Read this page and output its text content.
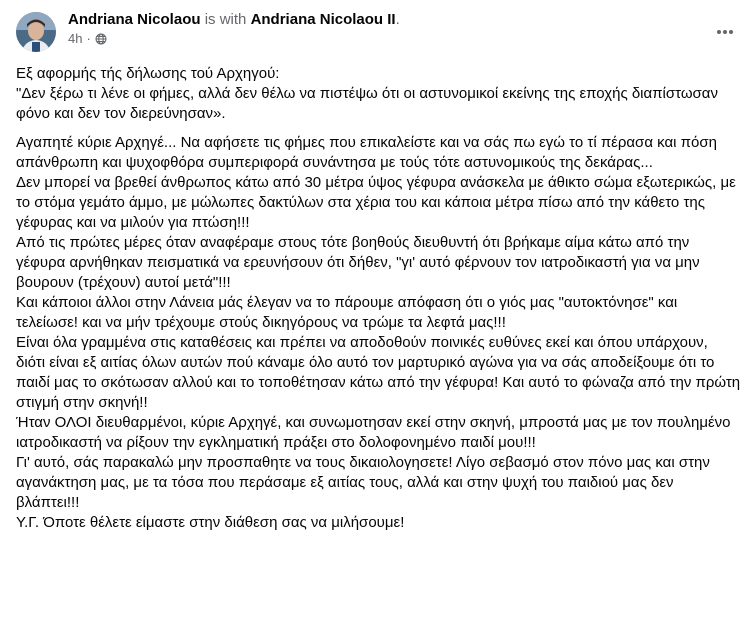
Andriana Nicolaou is with Andriana Nicolaou II.
4h ·

Εξ αφορμής τής δήλωσης τού Αρχηγού:
"Δεν ξέρω τι λένε οι φήμες, αλλά δεν θέλω να πιστέψω ότι οι αστυνομικοί εκείνης της εποχής διαπίστωσαν φόνο και δεν τον διερεύνησαν».

Αγαπητέ κύριε Αρχηγέ... Να αφήσετε τις φήμες που επικαλείστε και να σάς πω εγώ το τί πέρασα και πόση απάνθρωπη και ψυχοφθόρα συμπεριφορά συνάντησα με τούς τότε αστυνομικούς της δεκάρας...
Δεν μπορεί να βρεθεί άνθρωπος κάτω από 30 μέτρα ύψος γέφυρα ανάσκελα με άθικτο σώμα εξωτερικώς, με το στόμα γεμάτο άμμο, με μώλωπες δακτύλων στα χέρια του και κάποια μέτρα πίσω από την κάθετο της γέφυρας και να μιλούν για πτώση!!!
Από τις πρώτες μέρες όταν αναφέραμε στους τότε βοηθούς διευθυντή ότι βρήκαμε αίμα κάτω από την γέφυρα αρνήθηκαν πεισματικά να ερευνήσουν ότι δήθεν, "γι' αυτό φέρνουν τον ιατροδικαστή για να μην βουρουν (τρέχουν) αυτοί μετά"!!!
Και κάποιοι άλλοι στην Λάνεια μάς έλεγαν να το πάρουμε απόφαση ότι ο γιός μας "αυτοκτόνησε" και τελείωσε! και να μήν τρέχουμε στούς δικηγόρους να τρώμε τα λεφτά μας!!!
Είναι όλα γραμμένα στις καταθέσεις και πρέπει να αποδοθούν ποινικές ευθύνες εκεί και όπου υπάρχουν, διότι είναι εξ αιτίας όλων αυτών πού κάναμε όλο αυτό τον μαρτυρικό αγώνα για να σάς αποδείξουμε ότι το παιδί μας το σκότωσαν αλλού και το τοποθέτησαν κάτω από την γέφυρα! Και αυτό το φώναζα από την πρώτη στιγμή στην σκηνή!!
Ήταν ΟΛΟΙ διευθαρμένοι, κύριε Αρχηγέ, και συνωμοτησαν εκεί στην σκηνή, μπροστά μας με τον πουλημένο ιατροδικαστή να ρίξουν την εγκληματική πράξει στο δολοφονημένο παιδί μου!!!
Γι' αυτό, σάς παρακαλώ μην προσπαθητε να τους δικαιολογησετε! Λίγο σεβασμό στον πόνο μας και στην αγανάκτηση μας, με τα τόσα που περάσαμε εξ αιτίας τους, αλλά και στην ψυχή του παιδιού μας δεν βλάπτει!!!
Υ.Γ. Όποτε θέλετε είμαστε στην διάθεση σας να μιλήσουμε!
